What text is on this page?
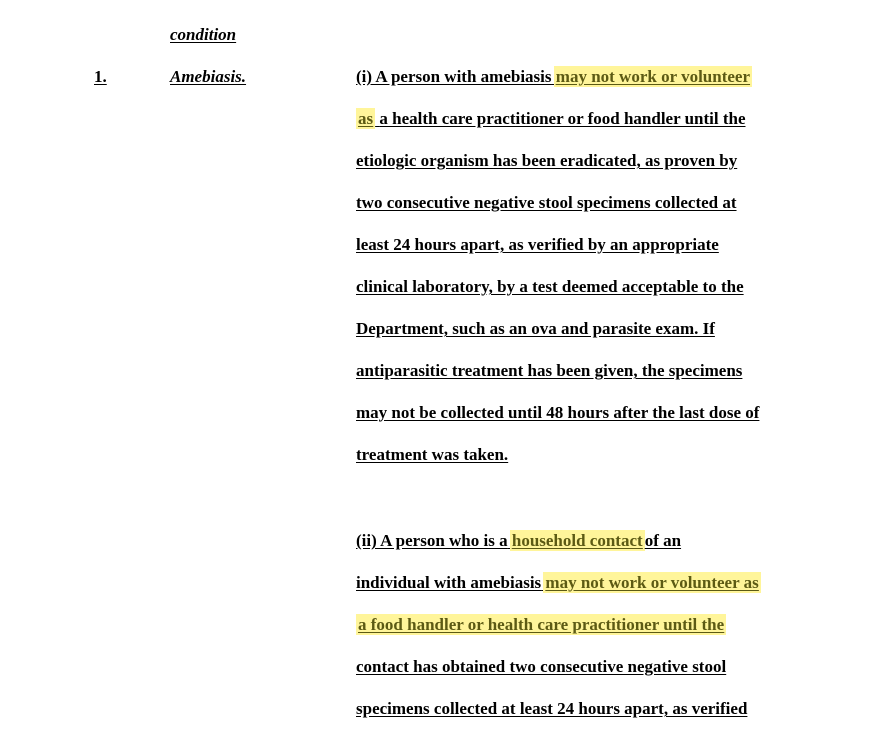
condition
1.	Amebiasis.	(i) A person with amebiasis may not work or volunteer
as a health care practitioner or food handler until the
etiologic organism has been eradicated, as proven by
two consecutive negative stool specimens collected at
least 24 hours apart, as verified by an appropriate
clinical laboratory, by a test deemed acceptable to the
Department, such as an ova and parasite exam. If
antiparasitic treatment has been given, the specimens
may not be collected until 48 hours after the last dose of
treatment was taken.
(ii) A person who is a household contact of an
individual with amebiasis may not work or volunteer as
a food handler or health care practitioner until the
contact has obtained two consecutive negative stool
specimens collected at least 24 hours apart, as verified
